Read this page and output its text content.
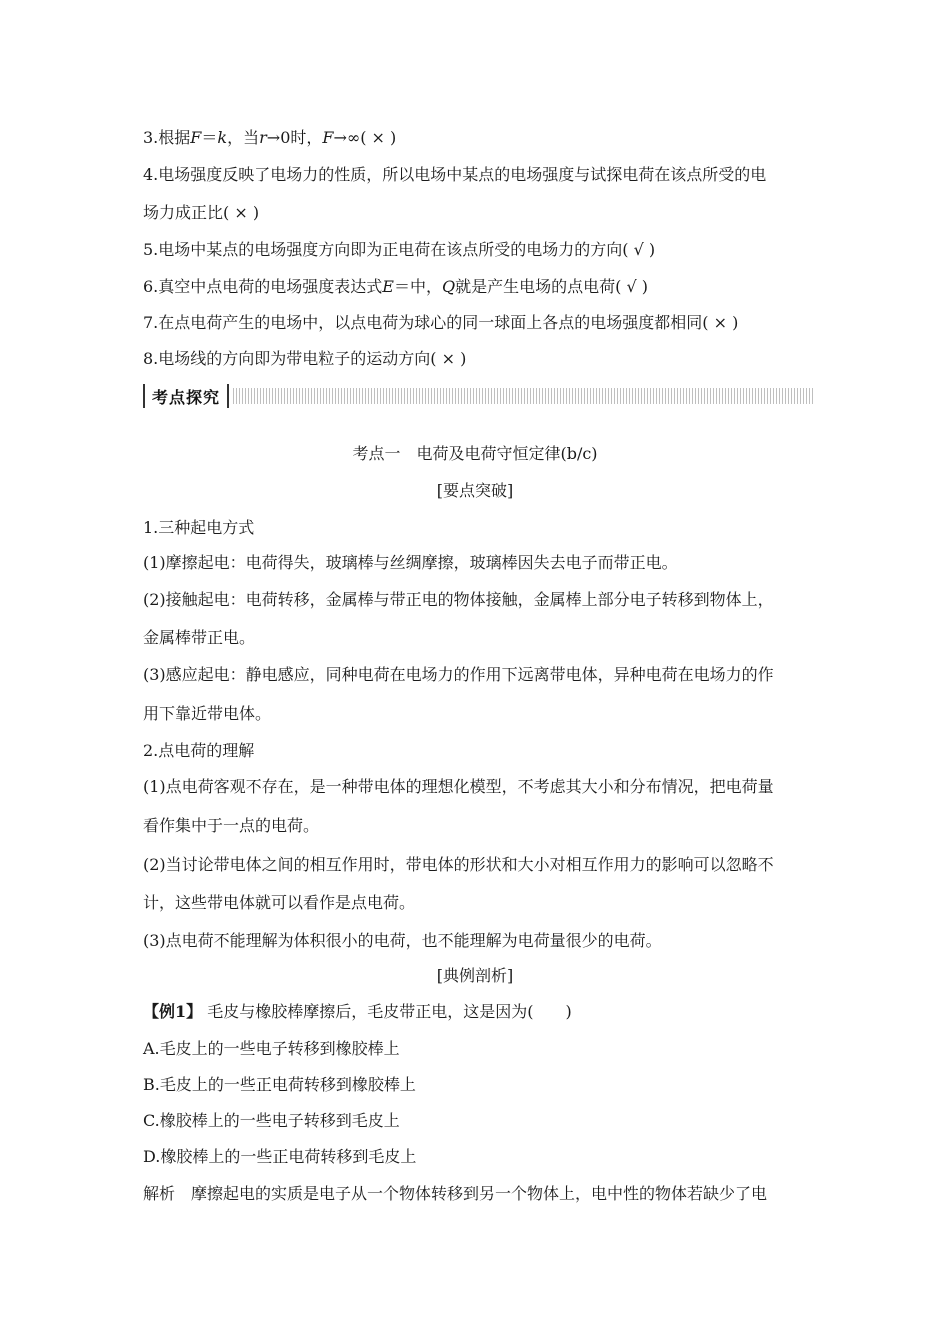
3.根据F＝k，当r→0时，F→∞( × )
4.电场强度反映了电场力的性质，所以电场中某点的电场强度与试探电荷在该点所受的电
场力成正比( × )
5.电场中某点的电场强度方向即为正电荷在该点所受的电场力的方向( √ )
6.真空中点电荷的电场强度表达式E＝中，Q就是产生电场的点电荷( √ )
7.在点电荷产生的电场中，以点电荷为球心的同一球面上各点的电场强度都相同( × )
8.电场线的方向即为带电粒子的运动方向( × )
考点探究
考点一　电荷及电荷守恒定律(b/c)
[要点突破]
1.三种起电方式
(1)摩擦起电：电荷得失，玻璃棒与丝绸摩擦，玻璃棒因失去电子而带正电。
(2)接触起电：电荷转移，金属棒与带正电的物体接触，金属棒上部分电子转移到物体上，
金属棒带正电。
(3)感应起电：静电感应，同种电荷在电场力的作用下远离带电体，异种电荷在电场力的作
用下靠近带电体。
2.点电荷的理解
(1)点电荷客观不存在，是一种带电体的理想化模型，不考虑其大小和分布情况，把电荷量
看作集中于一点的电荷。
(2)当讨论带电体之间的相互作用时，带电体的形状和大小对相互作用力的影响可以忽略不
计，这些带电体就可以看作是点电荷。
(3)点电荷不能理解为体积很小的电荷，也不能理解为电荷量很少的电荷。
[典例剖析]
【例1】 毛皮与橡胶棒摩擦后，毛皮带正电，这是因为(　　)
A.毛皮上的一些电子转移到橡胶棒上
B.毛皮上的一些正电荷转移到橡胶棒上
C.橡胶棒上的一些电子转移到毛皮上
D.橡胶棒上的一些正电荷转移到毛皮上
解析　摩擦起电的实质是电子从一个物体转移到另一个物体上，电中性的物体若缺少了电
